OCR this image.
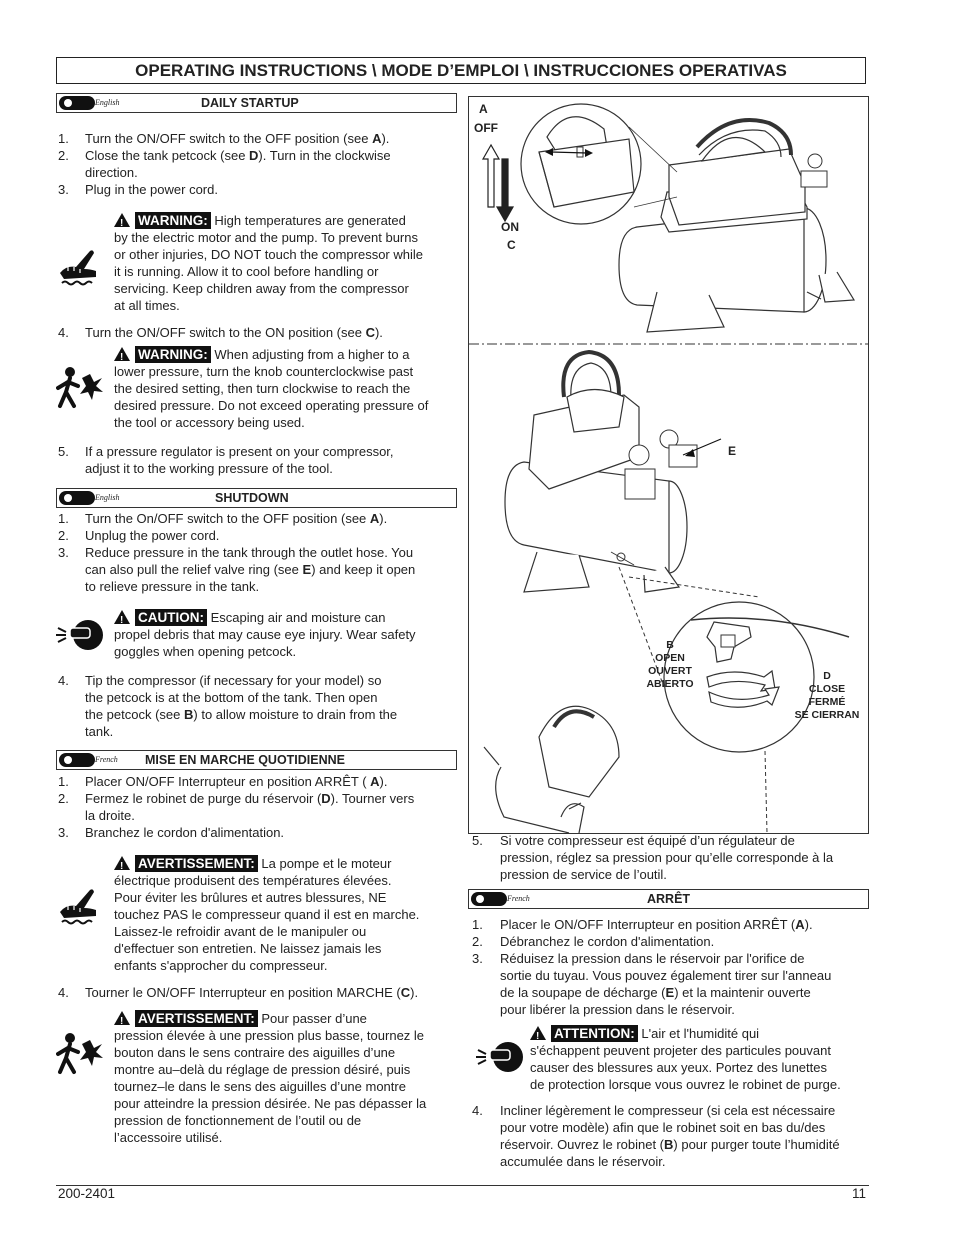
OPERATING INSTRUCTIONS \ MODE D’EMPLOI \ INSTRUCCIONES OPERATIVAS
English	DAILY STARTUP
1. Turn the ON/OFF switch to the OFF position (see A).
2. Close the tank petcock (see D). Turn in the clockwise
direction.
3. Plug in the power cord.
!WARNING: High temperatures are generated
by the electric motor and the pump. To prevent burns
or other injuries, DO NOT touch the compressor while
it is running. Allow it to cool before handling or
servicing. Keep children away from the compressor
at all times.
4. Turn the ON/OFF switch to the ON position (see C).
!WARNING: When adjusting from a higher to a
lower pressure, turn the knob counterclockwise past
the desired setting, then turn clockwise to reach the
desired pressure. Do not exceed operating pressure of
the tool or accessory being used.
5. If a pressure regulator is present on your compressor,
adjust it to the working pressure of the tool.
English	SHUTDOWN
1. Turn the On/OFF switch to the OFF position (see A).
2. Unplug the power cord.
3. Reduce pressure in the tank through the outlet hose. You
can also pull the relief valve ring (see E) and keep it open
to relieve pressure in the tank.
!CAUTION: Escaping air and moisture can
propel debris that may cause eye injury. Wear safety
goggles when opening petcock.
4. Tip the compressor (if necessary for your model) so
the petcock is at the bottom of the tank. Then open
the petcock (see B) to allow moisture to drain from the
tank.
French MISE EN MARCHE QUOTIDIENNE
1. Placer ON/OFF Interrupteur en position ARRÊT ( A).
2. Fermez le robinet de purge du réservoir (D). Tourner vers
la droite.
3. Branchez le cordon d'alimentation.
!AVERTISSEMENT: La pompe et le moteur
électrique produisent des températures élevées.
Pour éviter les brûlures et autres blessures, NE
touchez PAS le compresseur quand il est en marche.
Laissez-le refroidir avant de le manipuler ou
d'effectuer son entretien. Ne laissez jamais les
enfants s'approcher du compresseur.
4. Tourner le ON/OFF Interrupteur en position MARCHE (C).
!AVERTISSEMENT: Pour passer d’une
pression élevée à une pression plus basse, tournez le
bouton dans le sens contraire des aiguilles d’une
montre au–delà du réglage de pression désiré, puis
tournez–le dans le sens des aiguilles d’une montre
pour atteindre la pression désirée. Ne pas dépasser la
pression de fonctionnement de l’outil ou de
l’accessoire utilisé.
A
OFF
ON
C
E
B
OPEN
OUVERT
ABIERTO
D
CLOSE
FERMÉ
SE CIERRAN
5. Si votre compresseur est équipé d’un régulateur de
pression, réglez sa pression pour qu’elle corresponde à la
pression de service de l’outil.
French	ARRÊT
1. Placer le ON/OFF Interrupteur en position ARRÊT (A).
2. Débranchez le cordon d'alimentation.
3. Réduisez la pression dans le réservoir par l'orifice de
sortie du tuyau. Vous pouvez également tirer sur l'anneau
de la soupape de décharge (E) et la maintenir ouverte
pour libérer la pression dans le réservoir.
!ATTENTION: L'air et l'humidité qui
s'échappent peuvent projeter des particules pouvant
causer des blessures aux yeux. Portez des lunettes
de protection lorsque vous ouvrez le robinet de purge.
4. Incliner légèrement le compresseur (si cela est nécessaire
pour votre modèle) afin que le robinet soit en bas du/des
réservoir. Ouvrez le robinet (B) pour purger toute l’humidité
accumulée dans le réservoir.
200-2401	11
